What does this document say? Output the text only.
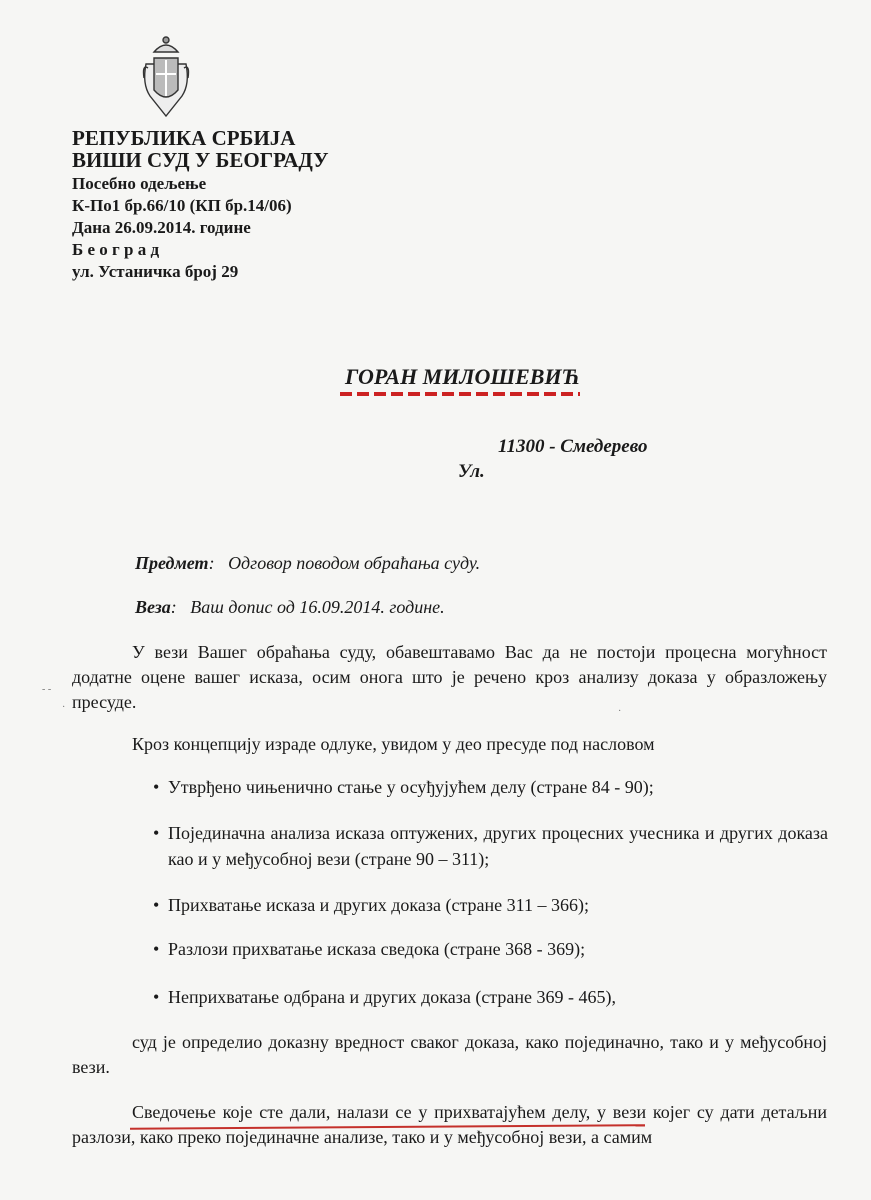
РЕПУБЛИКА СРБИЈА
ВИШИ СУД У БЕОГРАДУ
Посебно одељење
К-По1 бр.66/10 (КП бр.14/06)
Дана 26.09.2014. године
Б е о г р а д
ул. Устаничка број 29
ГОРАН МИЛОШЕВИЋ
11300 - Смедерево
Ул.
Предмет:   Одговор поводом обраћања суду.
Веза:   Ваш допис од 16.09.2014. године.
У вези Вашег обраћања суду, обавештавамо Вас да не постоји процесна могућност додатне оцене вашег исказа, осим онога што је речено кроз анализу доказа у образложењу пресуде.
Кроз концепцију израде одлуке, увидом у део пресуде под насловом
• Утврђено чињенично стање у осуђујућем делу (стране 84 - 90);
• Појединачна анализа исказа оптужених, других процесних учесника и других доказа као и у међусобној вези (стране 90 – 311);
• Прихватање исказа и других доказа (стране 311 – 366);
• Разлози прихватање исказа сведока (стране 368 - 369);
• Неприхватање одбрана и других доказа (стране 369 - 465),
суд је определио доказну вредност сваког доказа, како појединачно, тако и у међусобној вези.
Сведочење које сте дали, налази се у прихватајућем делу, у вези којег су дати детаљни разлози, како преко појединачне анализе, тако и у међусобној вези, а самим
- -
·	·
